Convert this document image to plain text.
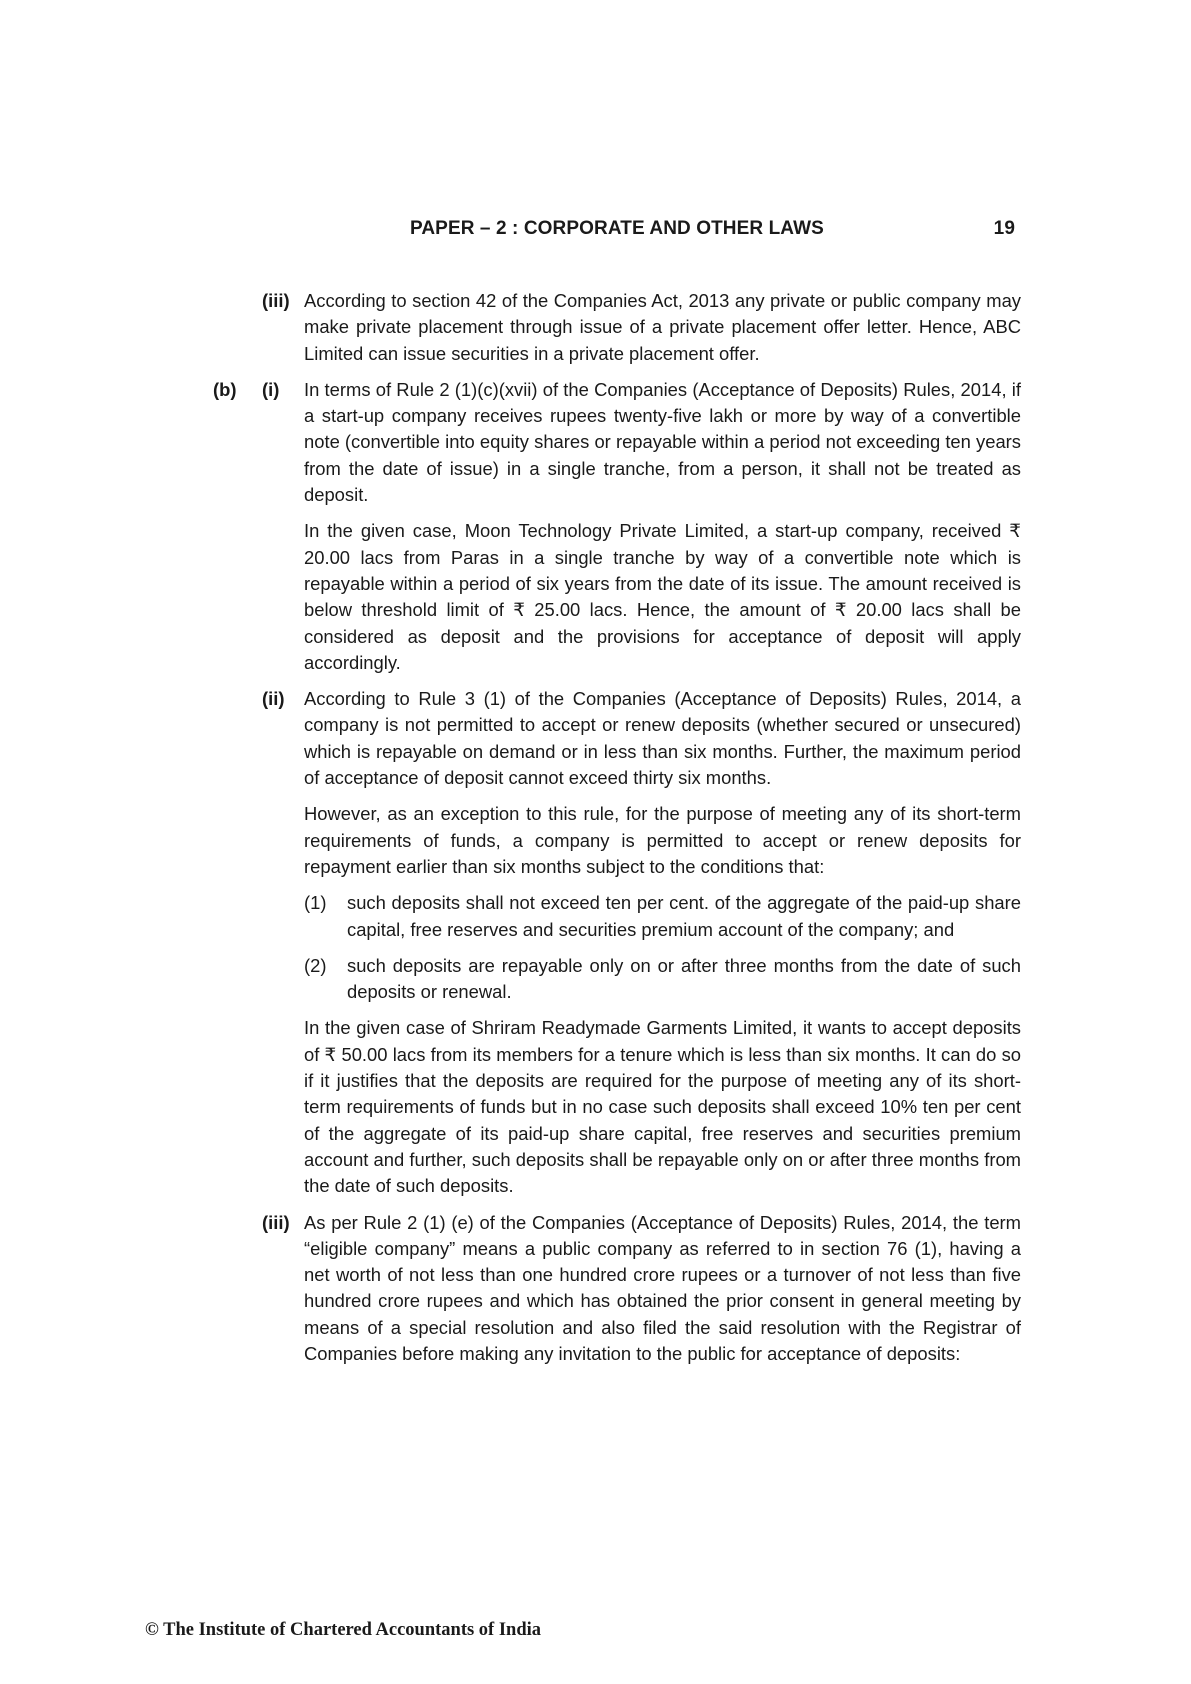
PAPER – 2 : CORPORATE AND OTHER LAWS	19
(iii) According to section 42 of the Companies Act, 2013 any private or public company may make private placement through issue of a private placement offer letter. Hence, ABC Limited can issue securities in a private placement offer.

(b) (i) In terms of Rule 2 (1)(c)(xvii) of the Companies (Acceptance of Deposits) Rules, 2014, if a start-up company receives rupees twenty-five lakh or more by way of a convertible note (convertible into equity shares or repayable within a period not exceeding ten years from the date of issue) in a single tranche, from a person, it shall not be treated as deposit.

In the given case, Moon Technology Private Limited, a start-up company, received ₹ 20.00 lacs from Paras in a single tranche by way of a convertible note which is repayable within a period of six years from the date of its issue. The amount received is below threshold limit of ₹ 25.00 lacs. Hence, the amount of ₹ 20.00 lacs shall be considered as deposit and the provisions for acceptance of deposit will apply accordingly.

(ii) According to Rule 3 (1) of the Companies (Acceptance of Deposits) Rules, 2014, a company is not permitted to accept or renew deposits (whether secured or unsecured) which is repayable on demand or in less than six months. Further, the maximum period of acceptance of deposit cannot exceed thirty six months.

However, as an exception to this rule, for the purpose of meeting any of its short-term requirements of funds, a company is permitted to accept or renew deposits for repayment earlier than six months subject to the conditions that:

(1) such deposits shall not exceed ten per cent. of the aggregate of the paid-up share capital, free reserves and securities premium account of the company; and

(2) such deposits are repayable only on or after three months from the date of such deposits or renewal.

In the given case of Shriram Readymade Garments Limited, it wants to accept deposits of ₹ 50.00 lacs from its members for a tenure which is less than six months. It can do so if it justifies that the deposits are required for the purpose of meeting any of its short-term requirements of funds but in no case such deposits shall exceed 10% ten per cent of the aggregate of its paid-up share capital, free reserves and securities premium account and further, such deposits shall be repayable only on or after three months from the date of such deposits.

(iii) As per Rule 2 (1) (e) of the Companies (Acceptance of Deposits) Rules, 2014, the term “eligible company” means a public company as referred to in section 76 (1), having a net worth of not less than one hundred crore rupees or a turnover of not less than five hundred crore rupees and which has obtained the prior consent in general meeting by means of a special resolution and also filed the said resolution with the Registrar of Companies before making any invitation to the public for acceptance of deposits:

© The Institute of Chartered Accountants of India
